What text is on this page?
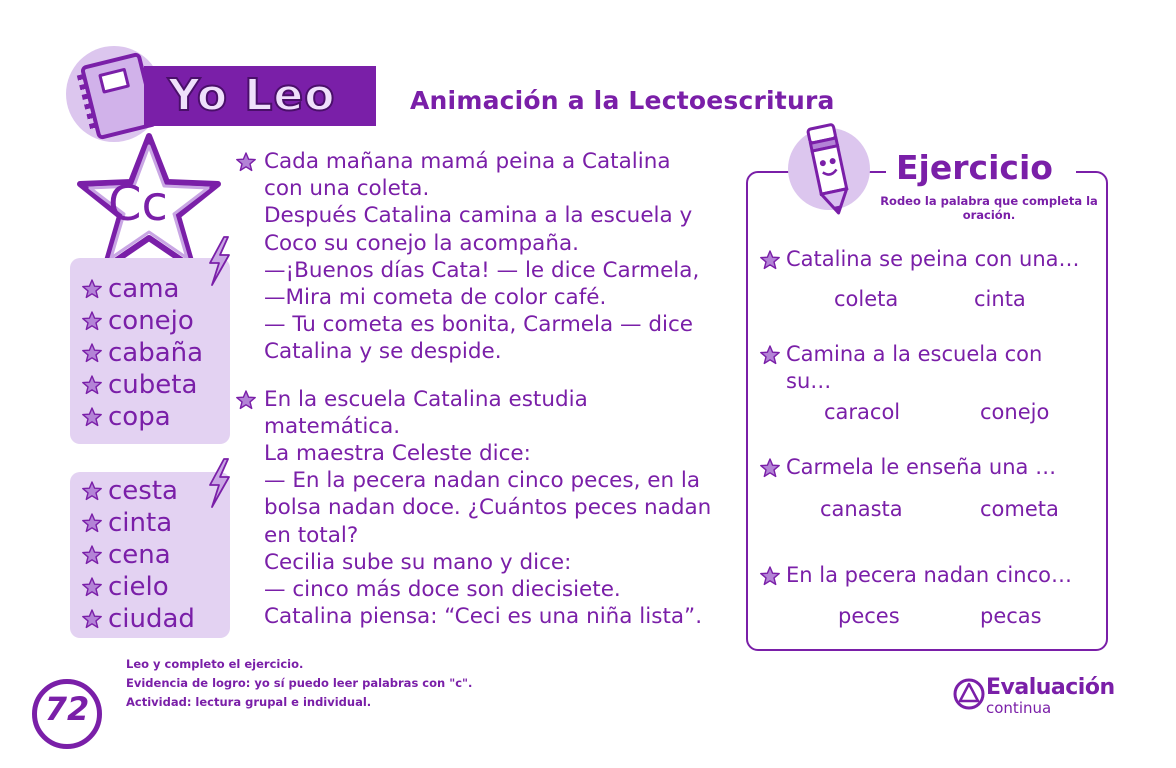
Yo Leo	Animación a la Lectoescritura
Cc
cama
conejo
cabaña
cubeta
copa
cesta
cinta
cena
cielo
ciudad
Cada mañana mamá peina a Catalina
con una coleta.
Después Catalina camina a la escuela y
Coco su conejo la acompaña.
—¡Buenos días Cata! — le dice Carmela,
—Mira mi cometa de color café.
— Tu cometa es bonita, Carmela — dice
Catalina y se despide.
En la escuela Catalina estudia
matemática.
La maestra Celeste dice:
— En la pecera nadan cinco peces, en la
bolsa nadan doce. ¿Cuántos peces nadan
en total?
Cecilia sube su mano y dice:
— cinco más doce son diecisiete.
Catalina piensa: “Ceci es una niña lista”.
Ejercicio
Rodeo la palabra que completa la oración.
Catalina se peina con una…
coleta	cinta
Camina a la escuela con su…
caracol	conejo
Carmela le enseña una …
canasta	cometa
En la pecera nadan cinco…
peces	pecas
72
Leo y completo el ejercicio.
Evidencia de logro: yo sí puedo leer palabras con "c".
Actividad: lectura grupal e individual.
Evaluación
continua
